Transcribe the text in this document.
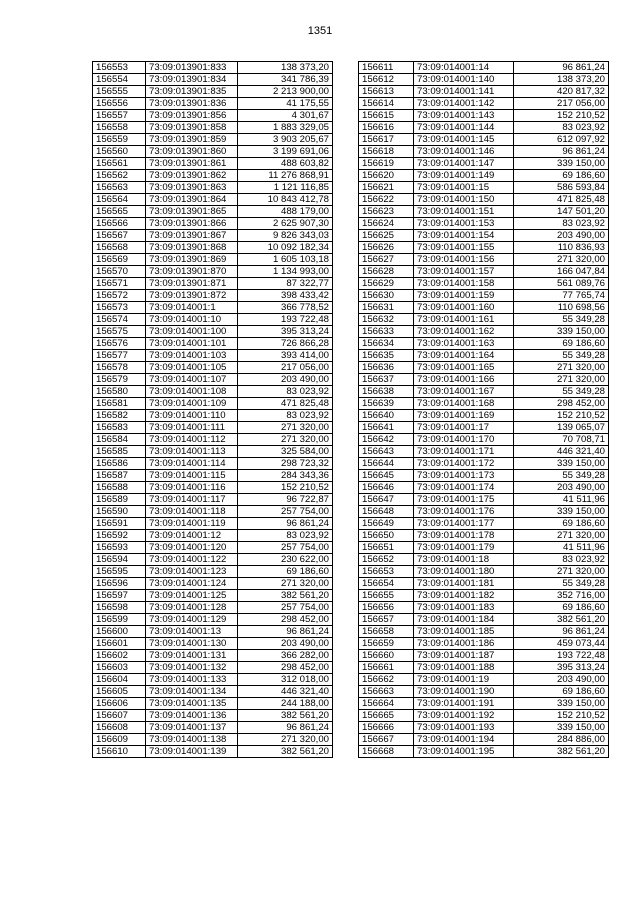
1351
156553	73:09:013901:833	138 373,20
156554	73:09:013901:834	341 786,39
156555	73:09:013901:835	2 213 900,00
156556	73:09:013901:836	41 175,55
156557	73:09:013901:856	4 301,67
156558	73:09:013901:858	1 883 329,05
156559	73:09:013901:859	3 903 205,67
156560	73:09:013901:860	3 199 691,06
156561	73:09:013901:861	488 603,82
156562	73:09:013901:862	11 276 868,91
156563	73:09:013901:863	1 121 116,85
156564	73:09:013901:864	10 843 412,78
156565	73:09:013901:865	488 179,00
156566	73:09:013901:866	2 625 907,30
156567	73:09:013901:867	9 826 343,03
156568	73:09:013901:868	10 092 182,34
156569	73:09:013901:869	1 605 103,18
156570	73:09:013901:870	1 134 993,00
156571	73:09:013901:871	87 322,77
156572	73:09:013901:872	398 433,42
156573	73:09:014001:1	366 778,52
156574	73:09:014001:10	193 722,48
156575	73:09:014001:100	395 313,24
156576	73:09:014001:101	726 866,28
156577	73:09:014001:103	393 414,00
156578	73:09:014001:105	217 056,00
156579	73:09:014001:107	203 490,00
156580	73:09:014001:108	83 023,92
156581	73:09:014001:109	471 825,48
156582	73:09:014001:110	83 023,92
156583	73:09:014001:111	271 320,00
156584	73:09:014001:112	271 320,00
156585	73:09:014001:113	325 584,00
156586	73:09:014001:114	298 723,32
156587	73:09:014001:115	284 343,36
156588	73:09:014001:116	152 210,52
156589	73:09:014001:117	96 722,87
156590	73:09:014001:118	257 754,00
156591	73:09:014001:119	96 861,24
156592	73:09:014001:12	83 023,92
156593	73:09:014001:120	257 754,00
156594	73:09:014001:122	230 622,00
156595	73:09:014001:123	69 186,60
156596	73:09:014001:124	271 320,00
156597	73:09:014001:125	382 561,20
156598	73:09:014001:128	257 754,00
156599	73:09:014001:129	298 452,00
156600	73:09:014001:13	96 861,24
156601	73:09:014001:130	203 490,00
156602	73:09:014001:131	366 282,00
156603	73:09:014001:132	298 452,00
156604	73:09:014001:133	312 018,00
156605	73:09:014001:134	446 321,40
156606	73:09:014001:135	244 188,00
156607	73:09:014001:136	382 561,20
156608	73:09:014001:137	96 861,24
156609	73:09:014001:138	271 320,00
156610	73:09:014001:139	382 561,20
156611	73:09:014001:14	96 861,24
156612	73:09:014001:140	138 373,20
156613	73:09:014001:141	420 817,32
156614	73:09:014001:142	217 056,00
156615	73:09:014001:143	152 210,52
156616	73:09:014001:144	83 023,92
156617	73:09:014001:145	612 097,92
156618	73:09:014001:146	96 861,24
156619	73:09:014001:147	339 150,00
156620	73:09:014001:149	69 186,60
156621	73:09:014001:15	586 593,84
156622	73:09:014001:150	471 825,48
156623	73:09:014001:151	147 501,20
156624	73:09:014001:153	83 023,92
156625	73:09:014001:154	203 490,00
156626	73:09:014001:155	110 836,93
156627	73:09:014001:156	271 320,00
156628	73:09:014001:157	166 047,84
156629	73:09:014001:158	561 089,76
156630	73:09:014001:159	77 765,74
156631	73:09:014001:160	110 698,56
156632	73:09:014001:161	55 349,28
156633	73:09:014001:162	339 150,00
156634	73:09:014001:163	69 186,60
156635	73:09:014001:164	55 349,28
156636	73:09:014001:165	271 320,00
156637	73:09:014001:166	271 320,00
156638	73:09:014001:167	55 349,28
156639	73:09:014001:168	298 452,00
156640	73:09:014001:169	152 210,52
156641	73:09:014001:17	139 065,07
156642	73:09:014001:170	70 708,71
156643	73:09:014001:171	446 321,40
156644	73:09:014001:172	339 150,00
156645	73:09:014001:173	55 349,28
156646	73:09:014001:174	203 490,00
156647	73:09:014001:175	41 511,96
156648	73:09:014001:176	339 150,00
156649	73:09:014001:177	69 186,60
156650	73:09:014001:178	271 320,00
156651	73:09:014001:179	41 511,96
156652	73:09:014001:18	83 023,92
156653	73:09:014001:180	271 320,00
156654	73:09:014001:181	55 349,28
156655	73:09:014001:182	352 716,00
156656	73:09:014001:183	69 186,60
156657	73:09:014001:184	382 561,20
156658	73:09:014001:185	96 861,24
156659	73:09:014001:186	459 073,44
156660	73:09:014001:187	193 722,48
156661	73:09:014001:188	395 313,24
156662	73:09:014001:19	203 490,00
156663	73:09:014001:190	69 186,60
156664	73:09:014001:191	339 150,00
156665	73:09:014001:192	152 210,52
156666	73:09:014001:193	339 150,00
156667	73:09:014001:194	284 886,00
156668	73:09:014001:195	382 561,20
